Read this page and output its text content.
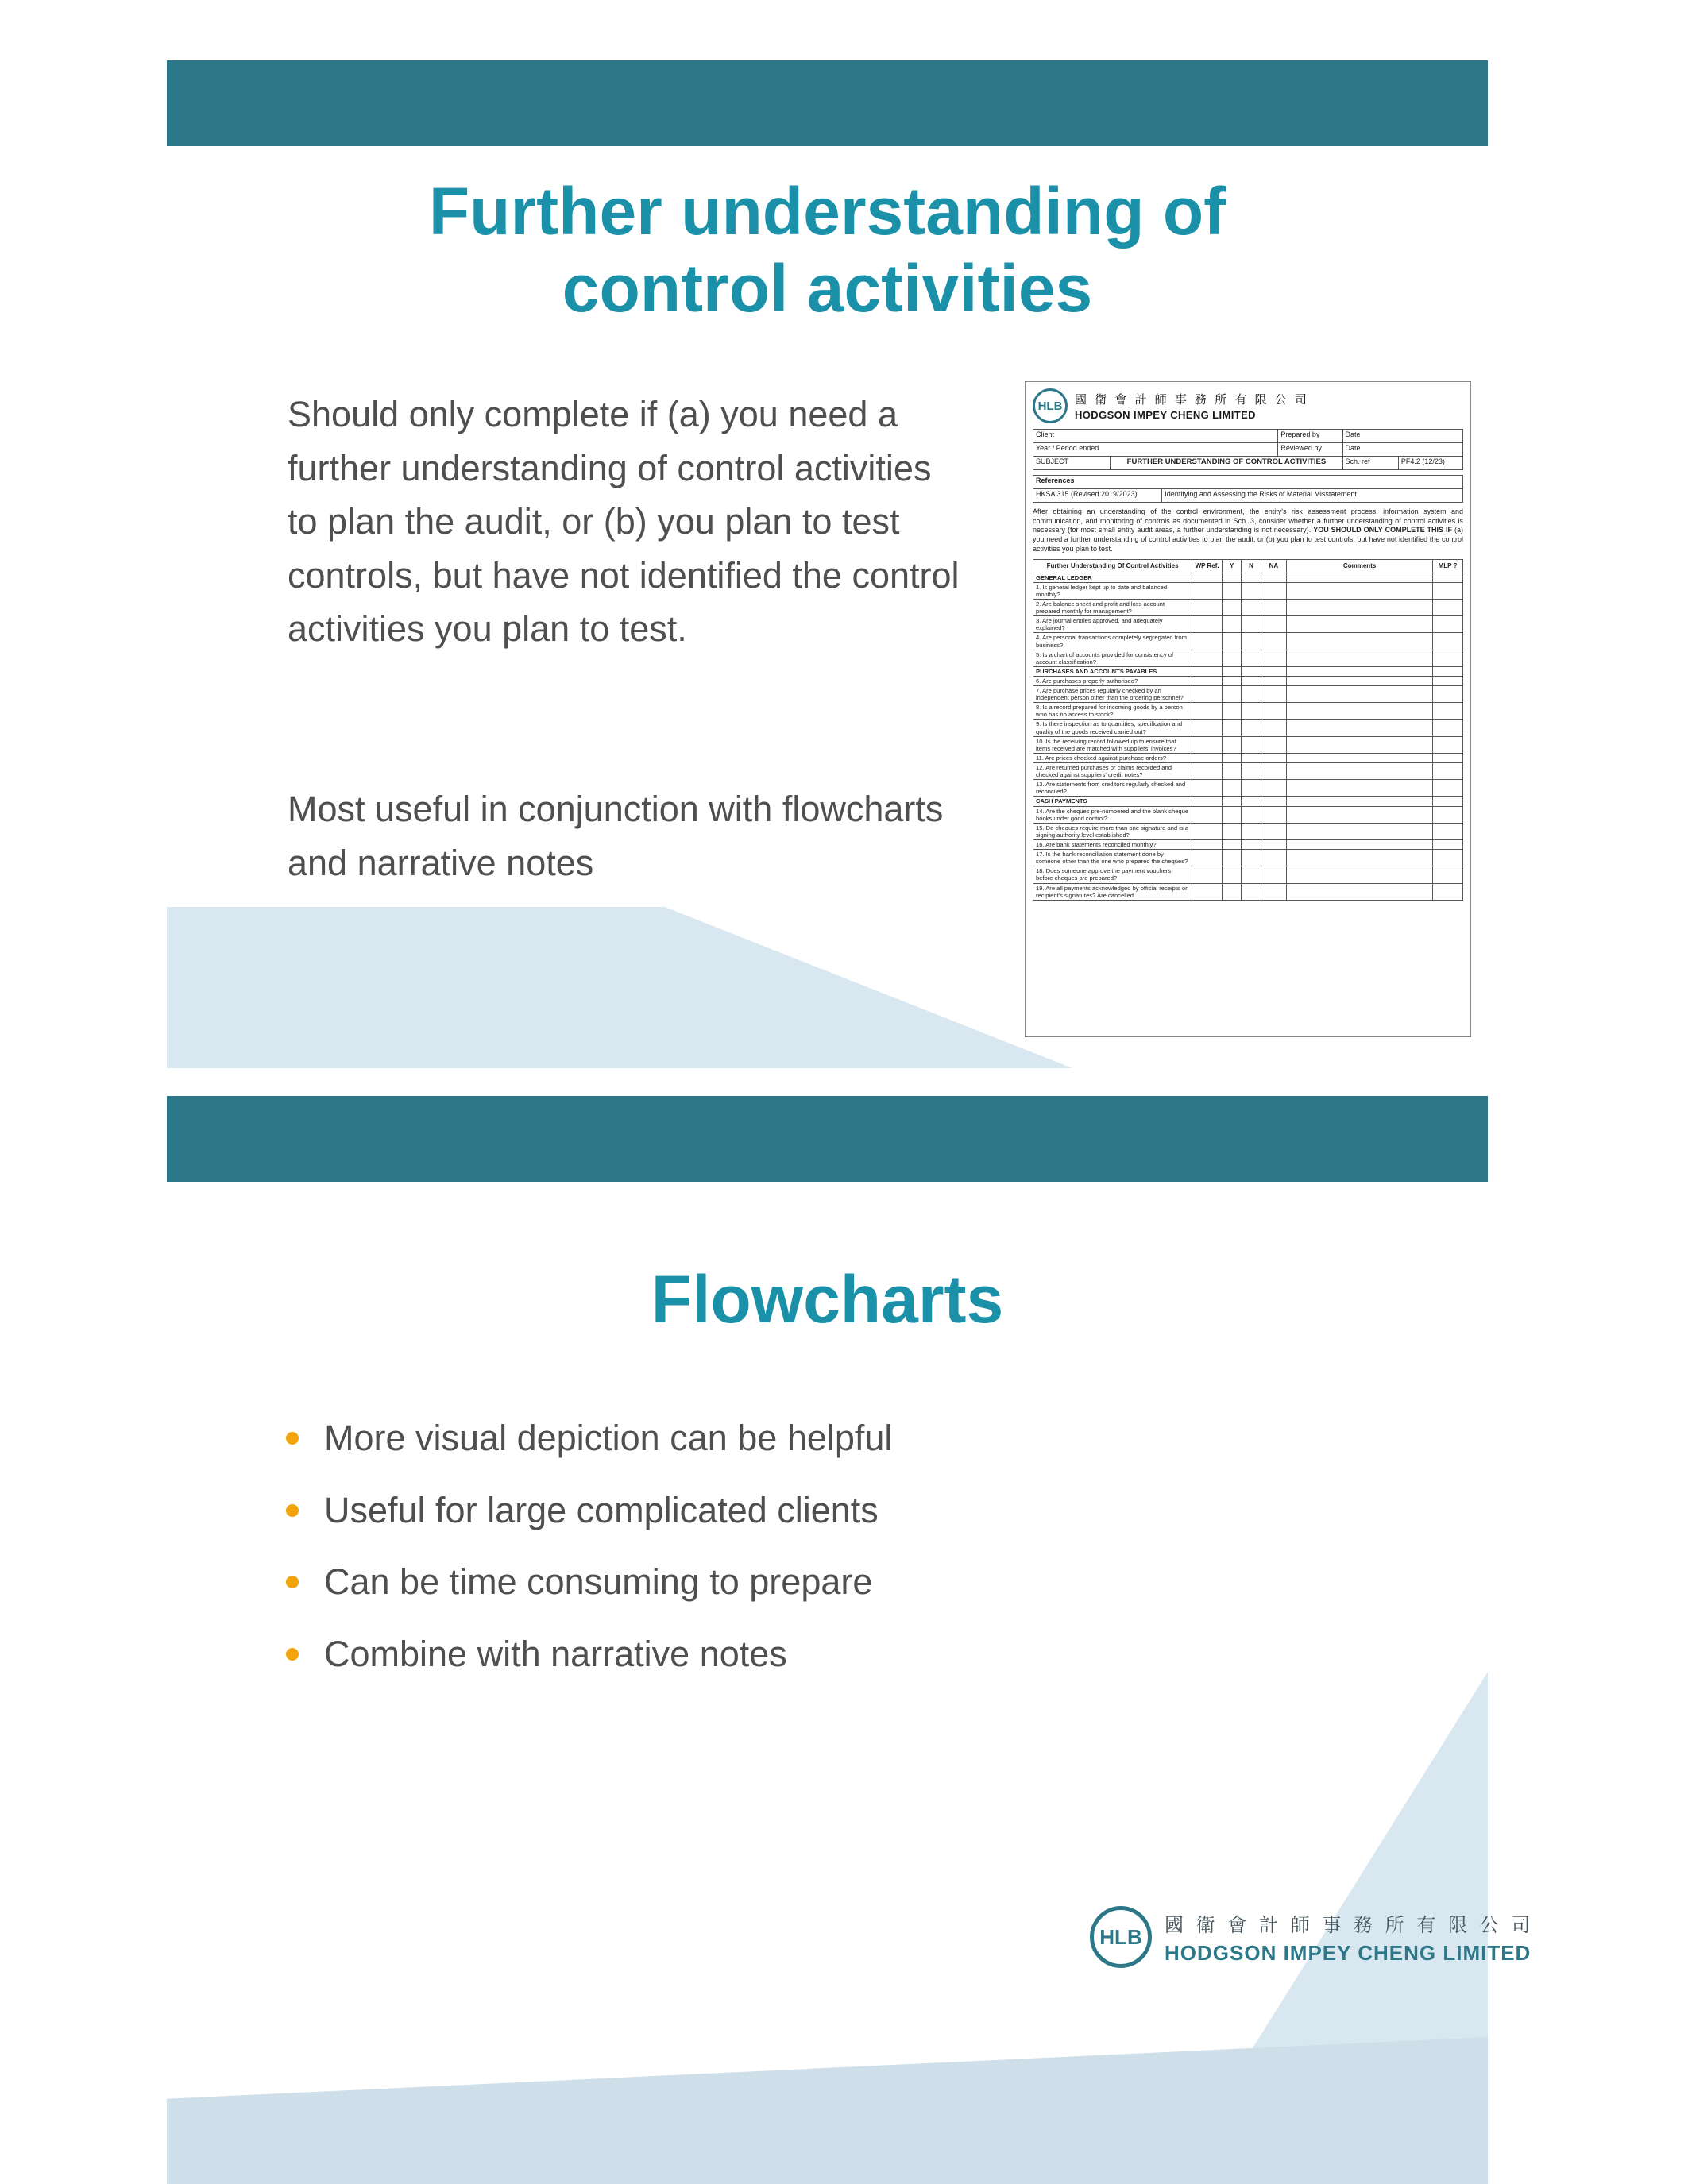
Further understanding of
control activities
Should only complete if (a) you need a further understanding of control activities to plan the audit, or (b) you plan to test controls, but have not identified the control activities you plan to test.
Most useful in conjunction with flowcharts and narrative notes
HLB	國 衛 會 計 師 事 務 所 有 限 公 司
HODGSON IMPEY CHENG LIMITED
Client		Prepared by	Date	
Year / Period ended		Reviewed by	Date	
SUBJECT	FURTHER UNDERSTANDING OF CONTROL ACTIVITIES		Sch. ref	PF4.2 (12/23)
References
HKSA 315 (Revised 2019/2023)	Identifying and Assessing the Risks of Material Misstatement
After obtaining an understanding of the control environment, the entity's risk assessment process, information system and communication, and monitoring of controls as documented in Sch. 3, consider whether a further understanding of control activities is necessary (for most small entity audit areas, a further understanding is not necessary). YOU SHOULD ONLY COMPLETE THIS IF (a) you need a further understanding of control activities to plan the audit, or (b) you plan to test controls, but have not identified the control activities you plan to test.
Further Understanding Of Control Activities	WP Ref.	Y	N	NA	Comments	MLP ?
GENERAL LEDGER						
1. Is general ledger kept up to date and balanced monthly?						
2. Are balance sheet and profit and loss account prepared monthly for management?						
3. Are journal entries approved, and adequately explained?						
4. Are personal transactions completely segregated from business?						
5. Is a chart of accounts provided for consistency of account classification?						
PURCHASES AND ACCOUNTS PAYABLES						
6. Are purchases properly authorised?						
7. Are purchase prices regularly checked by an independent person other than the ordering personnel?						
8. Is a record prepared for incoming goods by a person who has no access to stock?						
9. Is there inspection as to quantities, specification and quality of the goods received carried out?						
10. Is the receiving record followed up to ensure that items received are matched with suppliers' invoices?						
11. Are prices checked against purchase orders?						
12. Are returned purchases or claims recorded and checked against suppliers' credit notes?						
13. Are statements from creditors regularly checked and reconciled?						
CASH PAYMENTS						
14. Are the cheques pre-numbered and the blank cheque books under good control?						
15. Do cheques require more than one signature and is a signing authority level established?						
16. Are bank statements reconciled monthly?						
17. Is the bank reconciliation statement done by someone other than the one who prepared the cheques?						
18. Does someone approve the payment vouchers before cheques are prepared?						
19. Are all payments acknowledged by official receipts or recipient's signatures? Are cancelled						
Flowcharts
More visual depiction can be helpful
Useful for large complicated clients
Can be time consuming to prepare
Combine with narrative notes
HLB	國 衛 會 計 師 事 務 所 有 限 公 司
HODGSON IMPEY CHENG LIMITED
